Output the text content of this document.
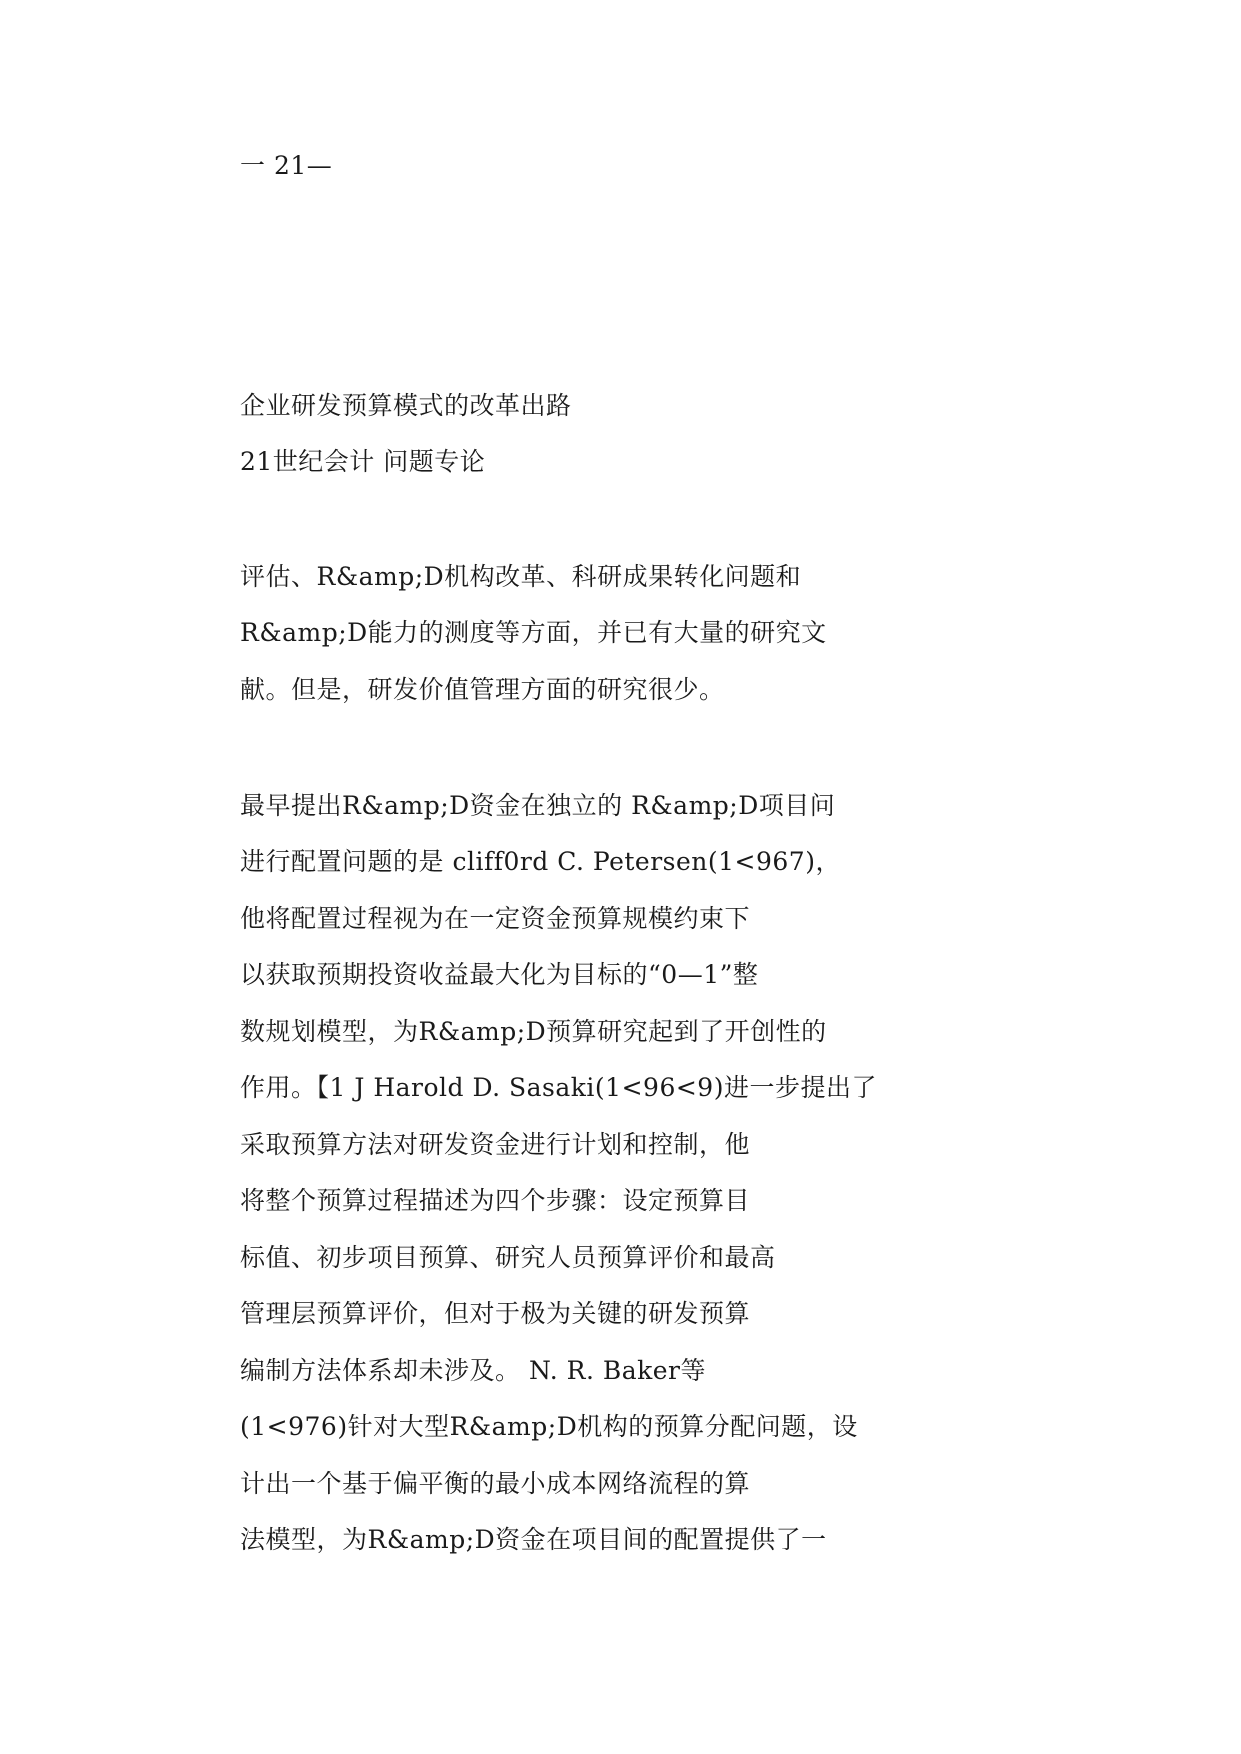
一 21—
企业研发预算模式的改革出路
21世纪会计 问题专论
评估、R&amp;D机构改革、科研成果转化问题和
R&amp;D能力的测度等方面，并已有大量的研究文
献。但是，研发价值管理方面的研究很少。
最早提出R&amp;D资金在独立的 R&amp;D项目问
进行配置问题的是 cliff0rd C. Petersen(1<967)，
他将配置过程视为在一定资金预算规模约束下
以获取预期投资收益最大化为目标的“0—1”整
数规划模型，为R&amp;D预算研究起到了开创性的
作用。【1 J Harold D. Sasaki(1<96<9)进一步提出了
采取预算方法对研发资金进行计划和控制，他
将整个预算过程描述为四个步骤：设定预算目
标值、初步项目预算、研究人员预算评价和最高
管理层预算评价，但对于极为关键的研发预算
编制方法体系却未涉及。 N. R. Baker等
(1<976)针对大型R&amp;D机构的预算分配问题，设
计出一个基于偏平衡的最小成本网络流程的算
法模型，为R&amp;D资金在项目间的配置提供了一
